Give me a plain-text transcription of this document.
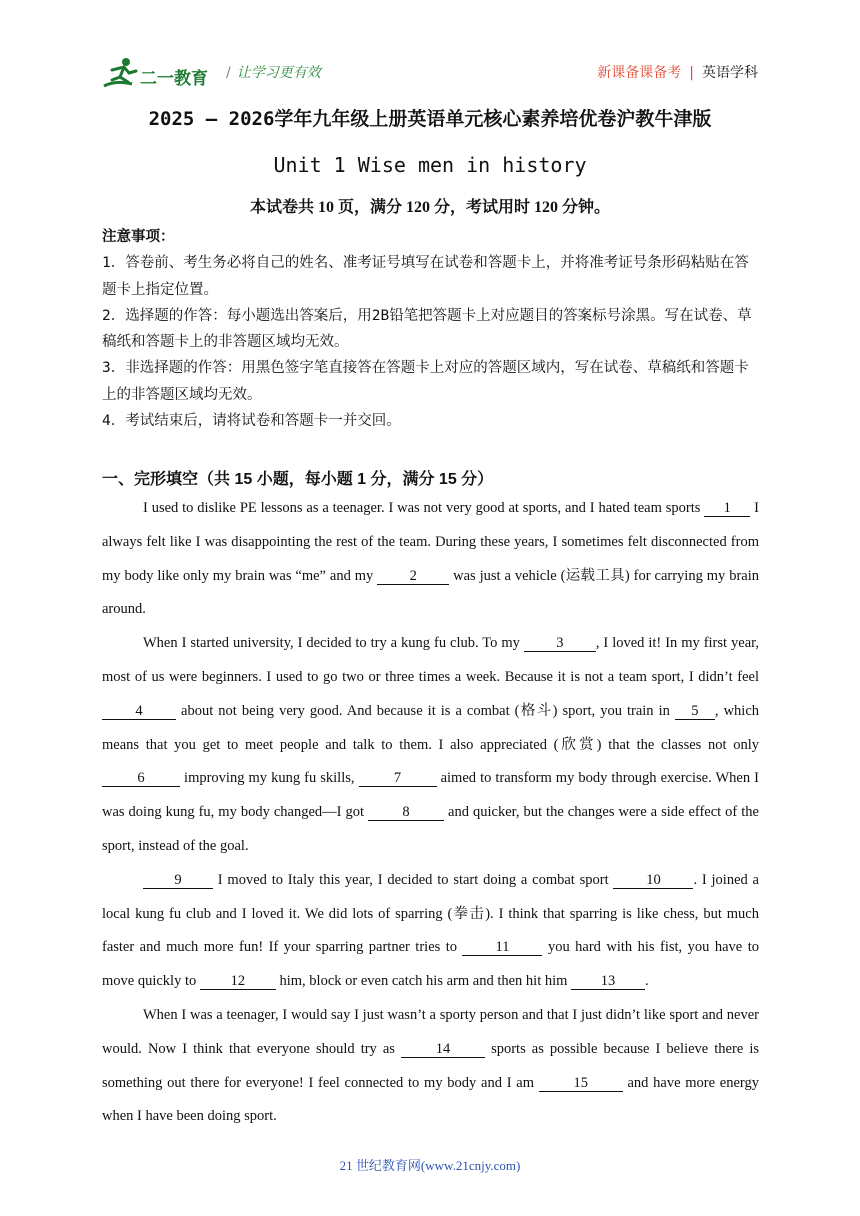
二一教育 / 让学习更有效	新课备课备考 | 英语学科
2025 – 2026学年九年级上册英语单元核心素养培优卷沪教牛津版
Unit 1 Wise men in history
本试卷共 10 页，满分 120 分，考试用时 120 分钟。

注意事项：

1．答卷前、考生务必将自己的姓名、准考证号填写在试卷和答题卡上，并将准考证号条形码粘贴在答题卡上指定位置。

2．选择题的作答：每小题选出答案后，用2B铅笔把答题卡上对应题目的答案标号涂黑。写在试卷、草稿纸和答题卡上的非答题区域均无效。

3．非选择题的作答：用黑色签字笔直接答在答题卡上对应的答题区域内，写在试卷、草稿纸和答题卡上的非答题区域均无效。

4．考试结束后，请将试卷和答题卡一并交回。

一、完形填空（共 15 小题，每小题 1 分，满分 15 分）

I used to dislike PE lessons as a teenager. I was not very good at sports, and I hated team sports 1 I always felt like I was disappointing the rest of the team. During these years, I sometimes felt disconnected from my body like only my brain was “me” and my 2 was just a vehicle (运载工具) for carrying my brain around.

When I started university, I decided to try a kung fu club. To my 3 , I loved it! In my first year, most of us were beginners. I used to go two or three times a week. Because it is not a team sport, I didn’t feel 4 about not being very good. And because it is a combat (格斗) sport, you train in 5 , which means that you get to meet people and talk to them. I also appreciated (欣赏) that the classes not only 6 improving my kung fu skills, 7 aimed to transform my body through exercise. When I was doing kung fu, my body changed—I got 8 and quicker, but the changes were a side effect of the sport, instead of the goal.

9 I moved to Italy this year, I decided to start doing a combat sport 10 . I joined a local kung fu club and I loved it. We did lots of sparring (拳击). I think that sparring is like chess, but much faster and much more fun! If your sparring partner tries to 11 you hard with his fist, you have to move quickly to 12 him, block or even catch his arm and then hit him 13 .

When I was a teenager, I would say I just wasn’t a sporty person and that I just didn’t like sport and never would. Now I think that everyone should try as 14 sports as possible because I believe there is something out there for everyone! I feel connected to my body and I am 15 and have more energy when I have been doing sport.

21 世纪教育网(www.21cnjy.com)
